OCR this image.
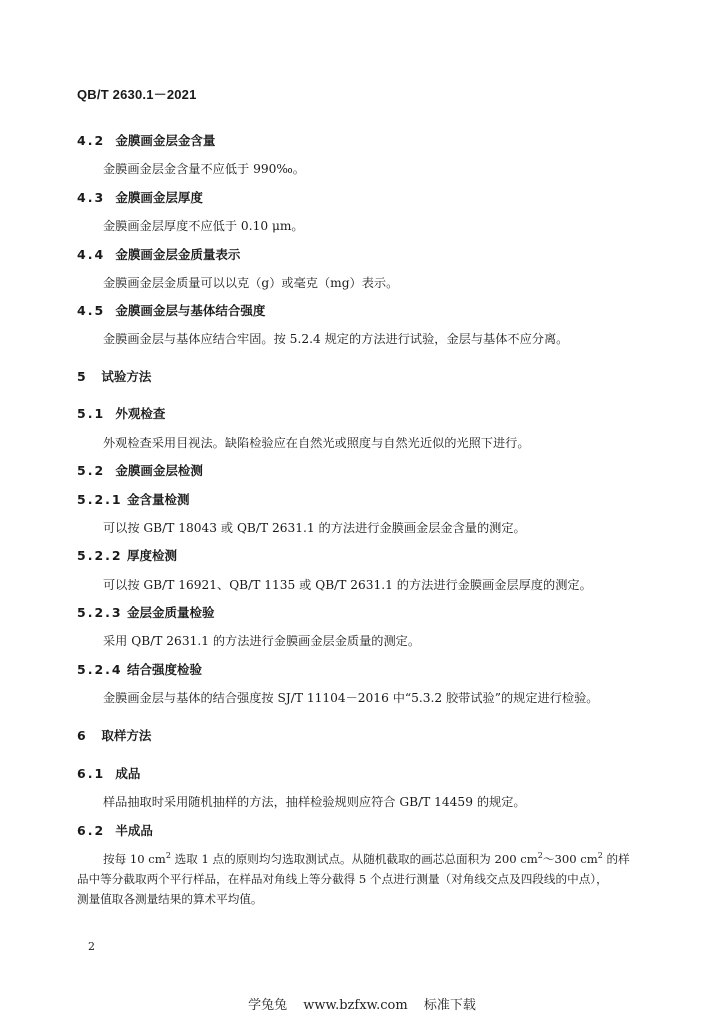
QB/T 2630.1－2021
4.2 金膜画金层金含量
金膜画金层金含量不应低于 990‰。
4.3 金膜画金层厚度
金膜画金层厚度不应低于 0.10 μm。
4.4 金膜画金层金质量表示
金膜画金层金质量可以以克（g）或毫克（mg）表示。
4.5 金膜画金层与基体结合强度
金膜画金层与基体应结合牢固。按 5.2.4 规定的方法进行试验，金层与基体不应分离。
5 试验方法
5.1 外观检查
外观检查采用目视法。缺陷检验应在自然光或照度与自然光近似的光照下进行。
5.2 金膜画金层检测
5.2.1 金含量检测
可以按 GB/T 18043 或 QB/T 2631.1 的方法进行金膜画金层金含量的测定。
5.2.2 厚度检测
可以按 GB/T 16921、QB/T 1135 或 QB/T 2631.1 的方法进行金膜画金层厚度的测定。
5.2.3 金层金质量检验
采用 QB/T 2631.1 的方法进行金膜画金层金质量的测定。
5.2.4 结合强度检验
金膜画金层与基体的结合强度按 SJ/T 11104－2016 中“5.3.2 胶带试验”的规定进行检验。
6 取样方法
6.1 成品
样品抽取时采用随机抽样的方法，抽样检验规则应符合 GB/T 14459 的规定。
6.2 半成品
按每 10 $cm^2$ 选取 1 点的原则均匀选取测试点。从随机截取的画芯总面积为 200 $cm^2\sim 300$ $cm^2$ 的样
品中等分截取两个平行样品，在样品对角线上等分截得 5 个点进行测量（对角线交点及四段线的中点），
测量值取各测量结果的算术平均值。
2
学兔兔 www.bzfxw.com 标准下载
